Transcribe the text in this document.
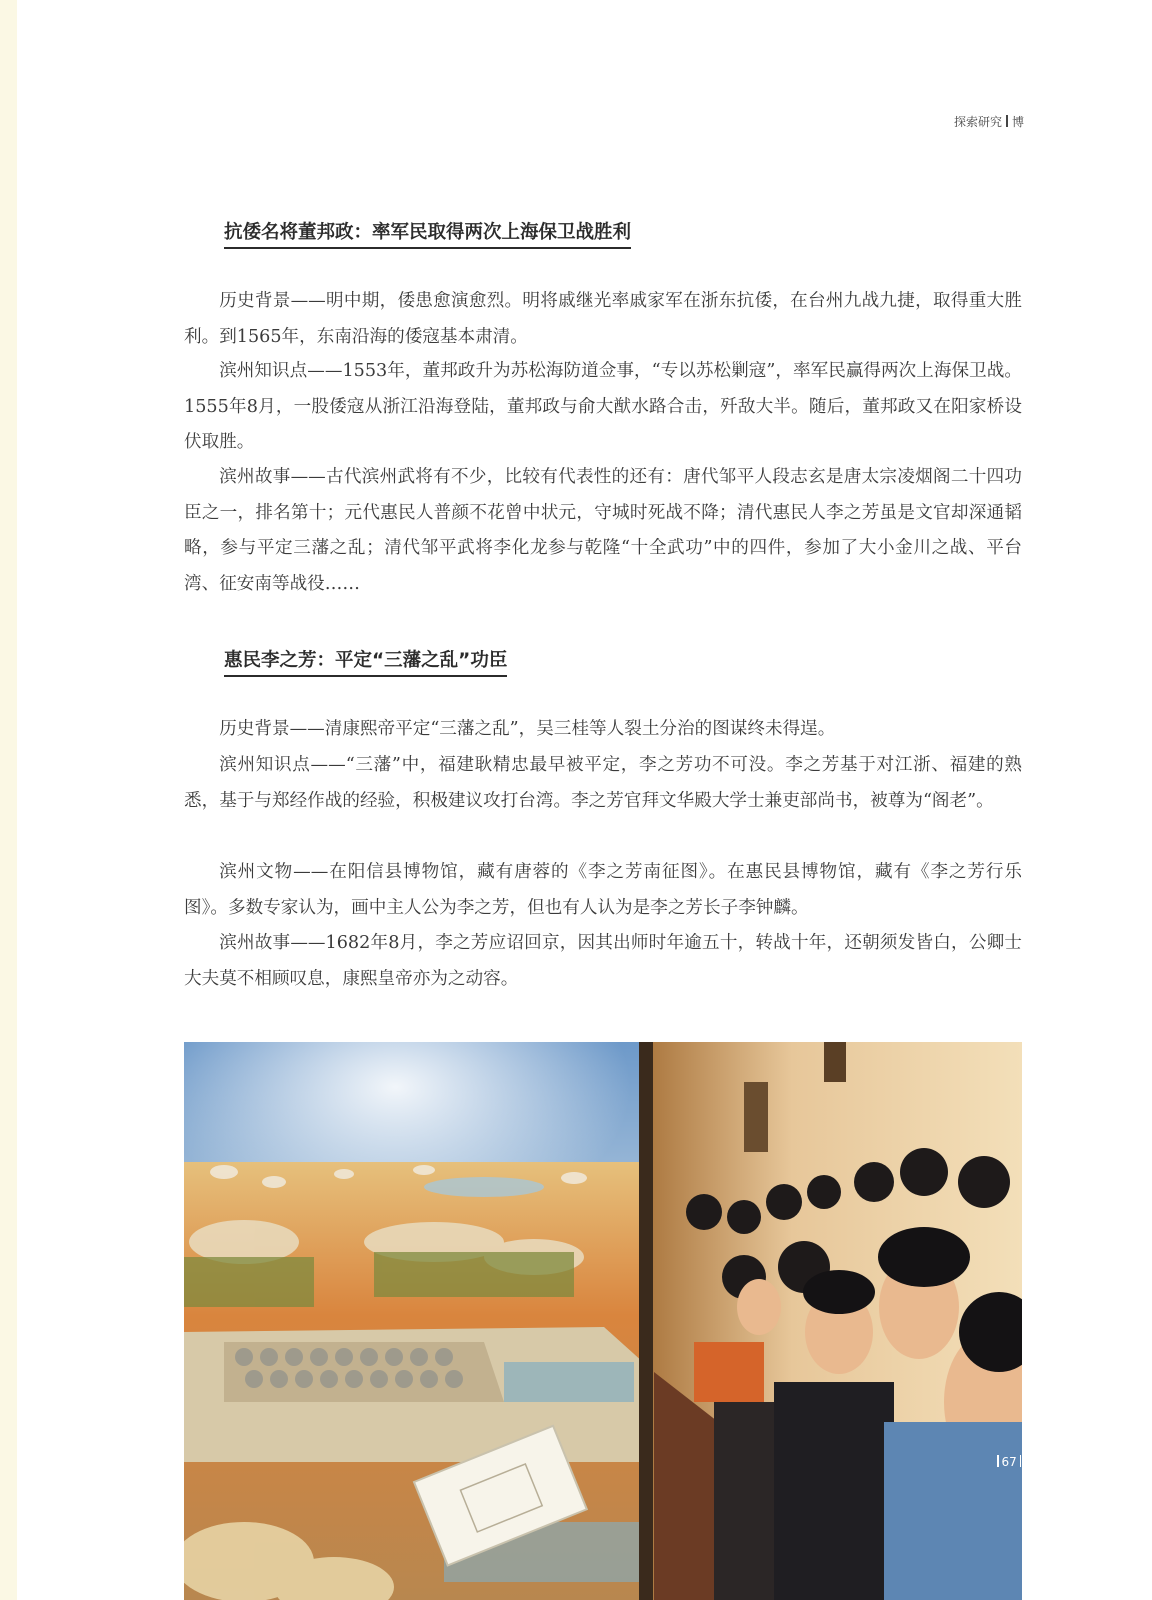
探索研究 博
抗倭名将董邦政：率军民取得两次上海保卫战胜利

历史背景——明中期，倭患愈演愈烈。明将戚继光率戚家军在浙东抗倭，在台州九战九捷，取得重大胜利。到1565年，东南沿海的倭寇基本肃清。

滨州知识点——1553年，董邦政升为苏松海防道佥事，“专以苏松剿寇”，率军民赢得两次上海保卫战。1555年8月，一股倭寇从浙江沿海登陆，董邦政与俞大猷水路合击，歼敌大半。随后，董邦政又在阳家桥设伏取胜。

滨州故事——古代滨州武将有不少，比较有代表性的还有：唐代邹平人段志玄是唐太宗凌烟阁二十四功臣之一，排名第十；元代惠民人普颜不花曾中状元，守城时死战不降；清代惠民人李之芳虽是文官却深通韬略，参与平定三藩之乱；清代邹平武将李化龙参与乾隆“十全武功”中的四件，参加了大小金川之战、平台湾、征安南等战役……

惠民李之芳：平定“三藩之乱”功臣

历史背景——清康熙帝平定“三藩之乱”，吴三桂等人裂土分治的图谋终未得逞。

滨州知识点——“三藩”中，福建耿精忠最早被平定，李之芳功不可没。李之芳基于对江浙、福建的熟悉，基于与郑经作战的经验，积极建议攻打台湾。李之芳官拜文华殿大学士兼吏部尚书，被尊为“阁老”。

滨州文物——在阳信县博物馆，藏有唐蓉的《李之芳南征图》。在惠民县博物馆，藏有《李之芳行乐图》。多数专家认为，画中主人公为李之芳，但也有人认为是李之芳长子李钟麟。

滨州故事——1682年8月，李之芳应诏回京，因其出师时年逾五十，转战十年，还朝须发皆白，公卿士大夫莫不相顾叹息，康熙皇帝亦为之动容。

67
